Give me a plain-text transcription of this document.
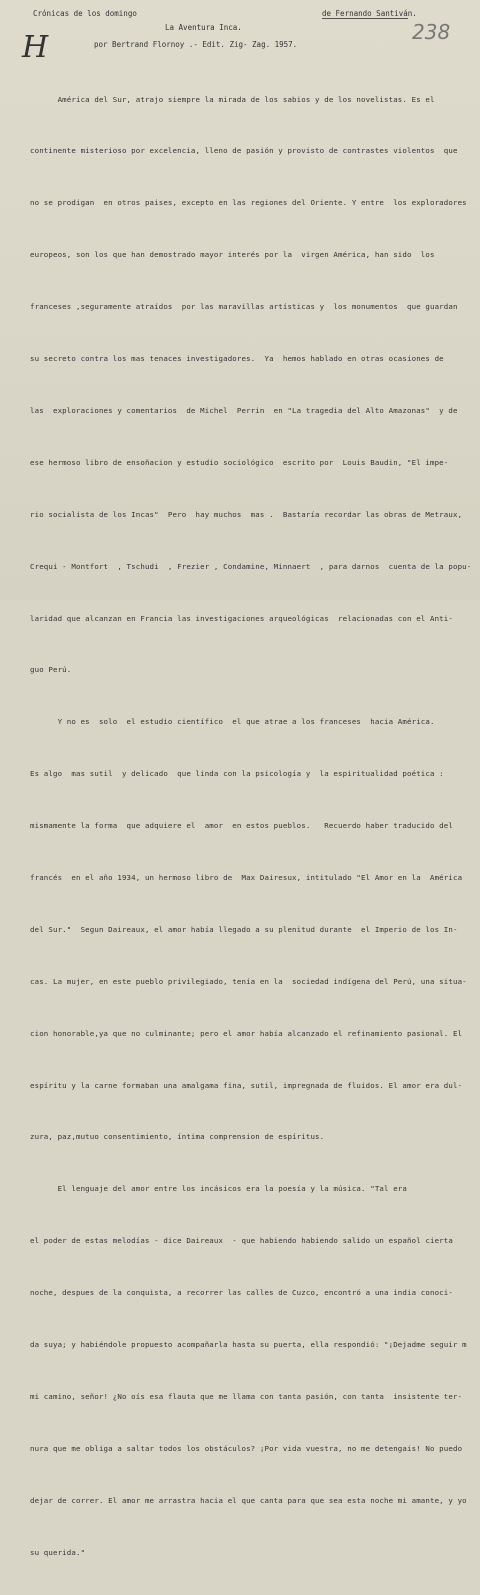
Crónicas de los domingo	de Fernando Santiván.
238
H
La Aventura Inca.
por Bertrand Flornoy .- Edit. Zig- Zag. 1957.

América del Sur, atrajo siempre la mirada de los sabios y de los novelistas. Es el

continente misterioso por excelencia, lleno de pasión y provisto de contrastes violentos  que

no se prodigan  en otros paises, excepto en las regiones del Oriente. Y entre  los exploradores

europeos, son los que han demostrado mayor interés por la  virgen América, han sido  los

franceses ,seguramente atraídos  por las maravillas artísticas y  los monumentos  que guardan

su secreto contra los mas tenaces investigadores.  Ya  hemos hablado en otras ocasiones de

las  exploraciones y comentarios  de Michel  Perrin  en "La tragedia del Alto Amazonas"  y de

ese hermoso libro de ensoñacion y estudio sociológico  escrito por  Louis Baudin, "El impe-

rio socialista de los Incas"  Pero  hay muchos  mas .  Bastaría recordar las obras de Metraux,

Crequi - Montfort  , Tschudi  , Frezier , Condamine, Minnaert  , para darnos  cuenta de la popu-

laridad que alcanzan en Francia las investigaciones arqueológicas  relacionadas con el Anti-

guo Perú.

Y no es  solo  el estudio científico  el que atrae a los franceses  hacia América.

Es algo  mas sutil  y delicado  que linda con la psicología y  la espiritualidad poética :

mismamente la forma  que adquiere el  amor  en estos pueblos.   Recuerdo haber traducido del

francés  en el año 1934, un hermoso libro de  Max Dairesux, intitulado "El Amor en la  América

del Sur."  Segun Daireaux, el amor había llegado a su plenitud durante  el Imperio de los In-

cas. La mujer, en este pueblo privilegiado, tenía en la  sociedad indígena del Perú, una situa-

cion honorable,ya que no culminante; pero el amor había alcanzado el refinamiento pasional. El

espíritu y la carne formaban una amalgama fina, sutil, impregnada de fluidos. El amor era dul-

zura, paz,mutuo consentimiento, íntima comprension de espíritus.

El lenguaje del amor entre los incásicos era la poesía y la música. "Tal era

el poder de estas melodías - dice Daireaux  - que habiendo habiendo salido un español cierta

noche, despues de la conquista, a recorrer las calles de Cuzco, encontró a una india conoci-

da suya; y habiéndole propuesto acompañarla hasta su puerta, ella respondió: "¡Dejadme seguir m

mi camino, señor! ¿No oís esa flauta que me llama con tanta pasión, con tanta  insistente ter-

nura que me obliga a saltar todos los obstáculos? ¡Por vida vuestra, no me detengais! No puedo

dejar de correr. El amor me arrastra hacia el que canta para que sea esta noche mi amante, y yo

su querida."
